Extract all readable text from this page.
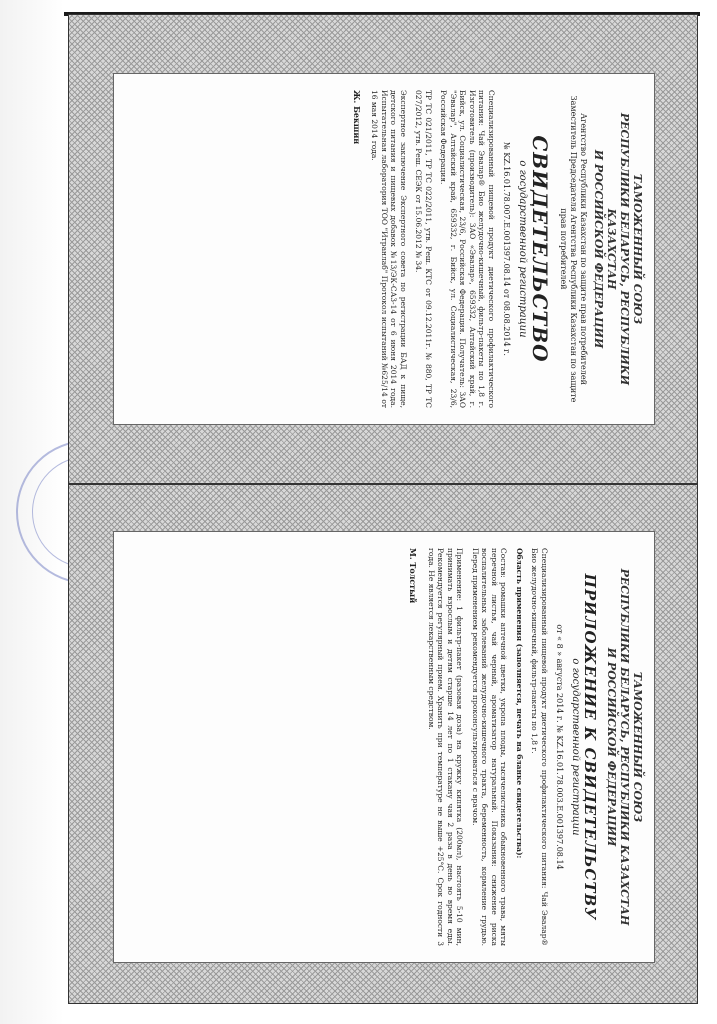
ТАМОЖЕННЫЙ СОЮЗ
РЕСПУБЛИКИ БЕЛАРУСЬ, РЕСПУБЛИКИ КАЗАХСТАН
И РОССИЙСКОЙ ФЕДЕРАЦИИ
Агентство Республики Казахстан по защите прав потребителей Заместитель Председателя Агентства Республики Казахстан по защите прав потребителей
СВИДЕТЕЛЬСТВО
о государственной регистрации
№ KZ.16.01.78.007.E.001397.08.14 от 08.08.2014 г.
Специализированный пищевой продукт диетического профилактического питания: Чай Эвалар® Био желудочно-кишечный, фильтр-пакеты по 1,8 г. Изготовитель (производитель): ЗАО «Эвалар», 659332, Алтайский край, г. Бийск, ул. Социалистическая, 23/6, Российская Федерация. Получатель: ЗАО "Эвалар", Алтайский край, 659332, г. Бийск, ул. Социалистическая, 23/6, Российская Федерация.
ТР ТС 021/2011, ТР ТС 022/2011, утв. Реш. КТС от 09.12.2011г. № 880, ТР ТС 027/2012, утв. Реш. СЕЭК от 15.06.2012 № 34.
Экспертное заключение Экспертного совета по регистрации БАД к пище, детского питания и пищевых добавок №13/ЭК-СА3-14 от 6 июня 2014 года. Испытательная лаборатория ТОО "Итранлаб" Протокол испытаний №625/14 от 16 мая 2014 года.
Ж. Бекшин
ТАМОЖЕННЫЙ СОЮЗ
РЕСПУБЛИКИ БЕЛАРУСЬ, РЕСПУБЛИКИ КАЗАХСТАН
И РОССИЙСКОЙ ФЕДЕРАЦИИ
ПРИЛОЖЕНИЕ К СВИДЕТЕЛЬСТВУ
о государственной регистрации
от « 8 » августа 2014 г. № KZ.16.01.78.003.E.001397.08.14
Специализированный пищевой продукт диетического профилактического питания: Чай Эвалар® Био желудочно-кишечный, фильтр-пакеты по 1,8 г.
Область применения (заполняется, печать на бланке свидетельства):
Состав: ромашки аптечной цветки, укропа плоды, тысячелистника обыкновенного трава, мяты перечной листья, чай черный, ароматизатор натуральный. Показания: снижение риска воспалительных заболеваний желудочно-кишечного тракта, беременность, кормление грудью. Перед применением рекомендуется проконсультироваться с врачом.
Применение: 1 фильтр-пакет (разовая доза) на кружку кипятка (200мл), настоять 5-10 мин, принимать взрослым и детям старше 14 лет по 1 стакану чая 2 раза в день во время еды. Рекомендуется регулярный прием. Хранить при температуре не выше +25°С. Срок годности 3 года. Не является лекарственным средством.
М. Толстый
